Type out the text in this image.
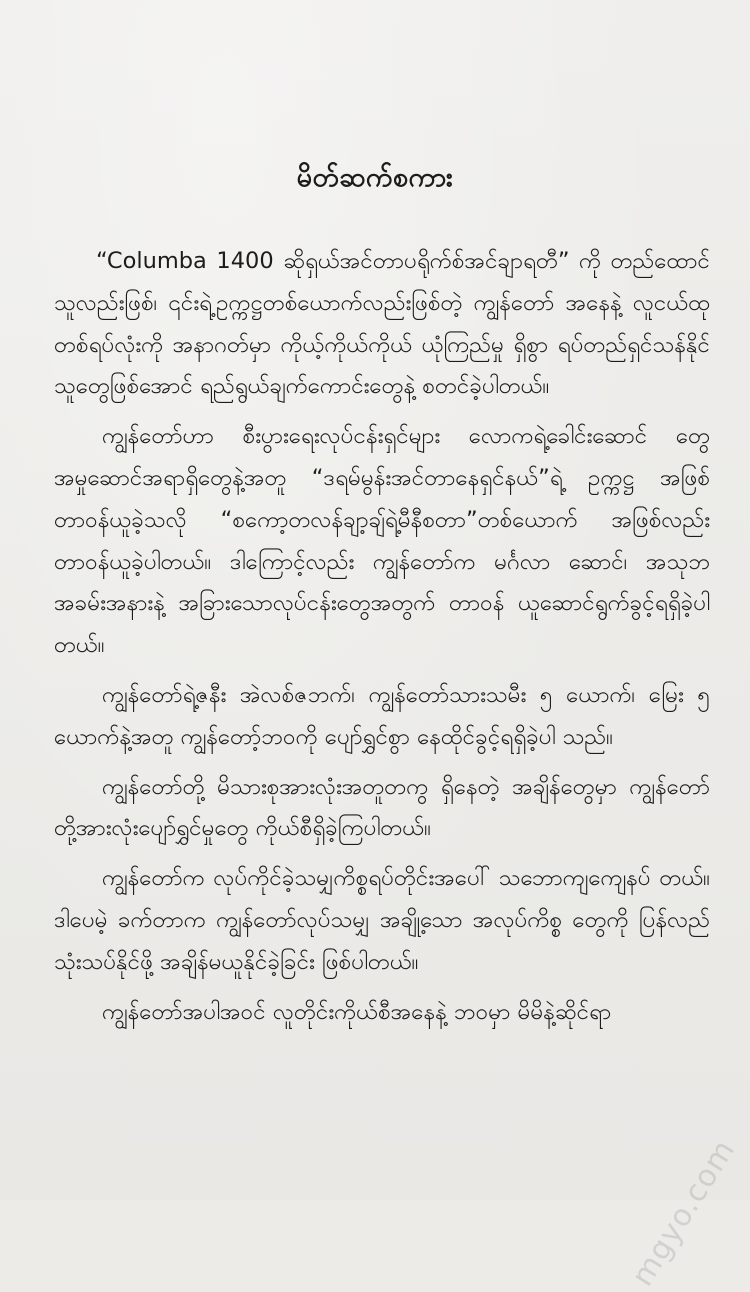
မိတ်ဆက်စကား

“Columba 1400 ဆိုရှယ်အင်တာပရိုက်စ်အင်ချာရတီ” ကို တည်ထောင်သူလည်းဖြစ်၊ ၎င်းရဲ့ဥက္ကဋ္ဌတစ်ယောက်လည်းဖြစ်တဲ့ ကျွန်တော် အနေနဲ့ လူငယ်ထုတစ်ရပ်လုံးကို အနာဂတ်မှာ ကိုယ့်ကိုယ်ကိုယ် ယုံကြည်မှု ရှိစွာ ရပ်တည်ရှင်သန်နိုင်သူတွေဖြစ်အောင် ရည်ရွယ်ချက်ကောင်းတွေနဲ့ စတင်ခဲ့ပါတယ်။

ကျွန်တော်ဟာ စီးပွားရေးလုပ်ငန်းရှင်များ လောကရဲ့ခေါင်းဆောင် တွေ အမှုဆောင်အရာရှိတွေနဲ့အတူ “ဒရမ်မွန်းအင်တာနေရှင်နယ်”ရဲ့ ဥက္ကဋ္ဌ အဖြစ် တာဝန်ယူခဲ့သလို “စကော့တလန်ချာ့ချ်ရဲ့မီနီစတာ”တစ်ယောက် အဖြစ်လည်း တာဝန်ယူခဲ့ပါတယ်။ ဒါကြောင့်လည်း ကျွန်တော်က မင်္ဂလာ ဆောင်၊ အသုဘအခမ်းအနားနဲ့ အခြားသောလုပ်ငန်းတွေအတွက် တာဝန် ယူဆောင်ရွက်ခွင့်ရရှိခဲ့ပါတယ်။

ကျွန်တော်ရဲ့ဇနီး အဲလစ်ဇဘက်၊ ကျွန်တော်သားသမီး ၅ ယောက်၊ မြေး ၅ ယောက်နဲ့အတူ ကျွန်တော့်ဘဝကို ပျော်ရွှင်စွာ နေထိုင်ခွင့်ရရှိခဲ့ပါ သည်။

ကျွန်တော်တို့ မိသားစုအားလုံးအတူတကွ ရှိနေတဲ့ အချိန်တွေမှာ ကျွန်တော်တို့အားလုံးပျော်ရွှင်မှုတွေ ကိုယ်စီရှိခဲ့ကြပါတယ်။

ကျွန်တော်က လုပ်ကိုင်ခဲ့သမျှကိစ္စရပ်တိုင်းအပေါ် သဘောကျကျေနပ် တယ်။ ဒါပေမဲ့ ခက်တာက ကျွန်တော်လုပ်သမျှ အချို့သော အလုပ်ကိစ္စ တွေကို ပြန်လည်သုံးသပ်နိုင်ဖို့ အချိန်မယူနိုင်ခဲ့ခြင်း ဖြစ်ပါတယ်။

ကျွန်တော်အပါအဝင် လူတိုင်းကိုယ်စီအနေနဲ့ ဘဝမှာ မိမိနဲ့ဆိုင်ရာ

mgyo.com
